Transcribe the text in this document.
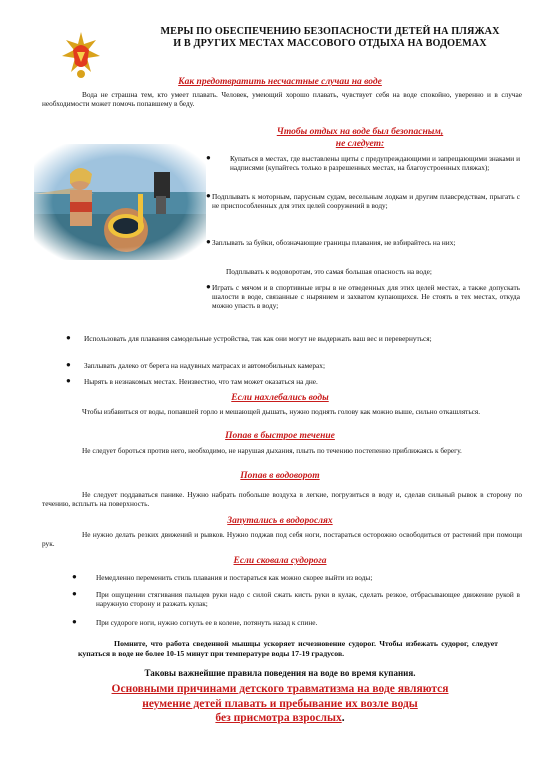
МЕРЫ ПО ОБЕСПЕЧЕНИЮ БЕЗОПАСНОСТИ ДЕТЕЙ НА ПЛЯЖАХ
И В ДРУГИХ МЕСТАХ МАССОВОГО ОТДЫХА НА ВОДОЕМАХ
Как предотвратить несчастные случаи на воде
Вода не страшна тем, кто умеет плавать. Человек, умеющий хорошо плавать, чувствует себя на воде спокойно, уверенно и в случае необходимости может помочь попавшему в беду.
Чтобы отдых на воде был безопасным,
не следует:
●	Купаться в местах, где выставлены щиты с предупреждающими и запрещающими знаками и надписями (купайтесь только в разрешенных местах, на благоустроенных пляжах);
● Подплывать к моторным, парусным судам, весельным лодкам и другим плавсредствам, прыгать с не приспособленных для этих целей сооружений в воду;
● Заплывать за буйки, обозначающие границы плавания, не взбирайтесь на них;
Подплывать к водоворотам, это самая большая опасность на воде;
● Играть с мячом и в спортивные игры в не отведенных для этих целей местах, а также допускать шалости в воде, связанные с нырянием и захватом купающихся. Не стоять в тех местах, откуда можно упасть в воду;
● Использовать для плавания самодельные устройства, так как они могут не выдержать ваш вес и перевернуться;
● Заплывать далеко от берега на надувных матрасах и автомобильных камерах;
● Нырять в незнакомых местах. Неизвестно, что там может оказаться на дне.
Если нахлебались воды
Чтобы избавиться от воды, попавшей горло и мешающей дышать, нужно поднять голову как можно выше, сильно откашляться.
Попав в быстрое течение
Не следует бороться против него, необходимо, не нарушая дыхания, плыть по течению постепенно приближаясь к берегу.
Попав в водоворот
Не следует поддаваться панике. Нужно набрать побольше воздуха в легкие, погрузиться в воду и, сделав сильный рывок в сторону по течению, всплыть на поверхность.
Запутались в водорослях
Не нужно делать резких движений и рывков. Нужно поджав под себя ноги, постараться осторожно освободиться от растений при помощи рук.
Если сковала судорога
●	Немедленно переменить стиль плавания и постараться как можно скорее выйти из воды;
●	При ощущении стягивания пальцев руки надо с силой сжать кисть руки в кулак, сделать резкое, отбрасывающее движение рукой в наружную сторону и разжать кулак;
●	При судороге ноги, нужно согнуть ее в колене, потянуть назад к спине.
Помните, что работа сведенной мышцы ускоряет исчезновение судорог. Чтобы избежать судорог, следует купаться в воде не более 10-15 минут при температуре воды 17-19 градусов.
Таковы важнейшие правила поведения на воде во время купания.
Основными причинами детского травматизма на воде являются
неумение детей плавать и пребывание их возле воды
без присмотра взрослых.
